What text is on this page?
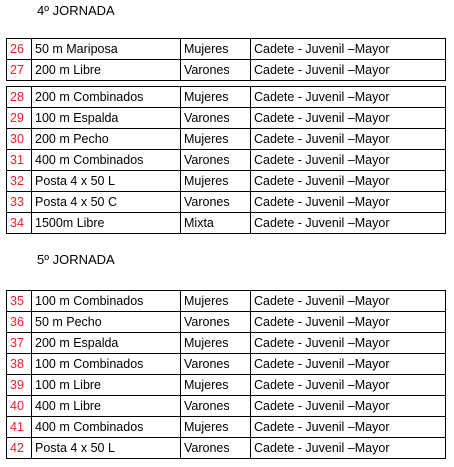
4º JORNADA
26	50 m Mariposa	Mujeres	Cadete - Juvenil –Mayor
27	200 m Libre	Varones	Cadete - Juvenil –Mayor
28	200 m Combinados	Mujeres	Cadete - Juvenil –Mayor
29	100 m Espalda	Varones	Cadete - Juvenil –Mayor
30	200 m Pecho	Mujeres	Cadete - Juvenil –Mayor
31	400 m Combinados	Varones	Cadete - Juvenil –Mayor
32	Posta 4 x 50 L	Mujeres	Cadete - Juvenil –Mayor
33	Posta 4 x 50 C	Varones	Cadete - Juvenil –Mayor
34	1500m Libre	Mixta	Cadete - Juvenil –Mayor
5º JORNADA
35	100 m Combinados	Mujeres	Cadete - Juvenil –Mayor
36	50 m Pecho	Varones	Cadete - Juvenil –Mayor
37	200 m Espalda	Mujeres	Cadete - Juvenil –Mayor
38	100 m Combinados	Varones	Cadete - Juvenil –Mayor
39	100 m Libre	Mujeres	Cadete - Juvenil –Mayor
40	400 m Libre	Varones	Cadete - Juvenil –Mayor
41	400 m Combinados	Mujeres	Cadete - Juvenil –Mayor
42	Posta 4 x 50 L	Varones	Cadete - Juvenil –Mayor
